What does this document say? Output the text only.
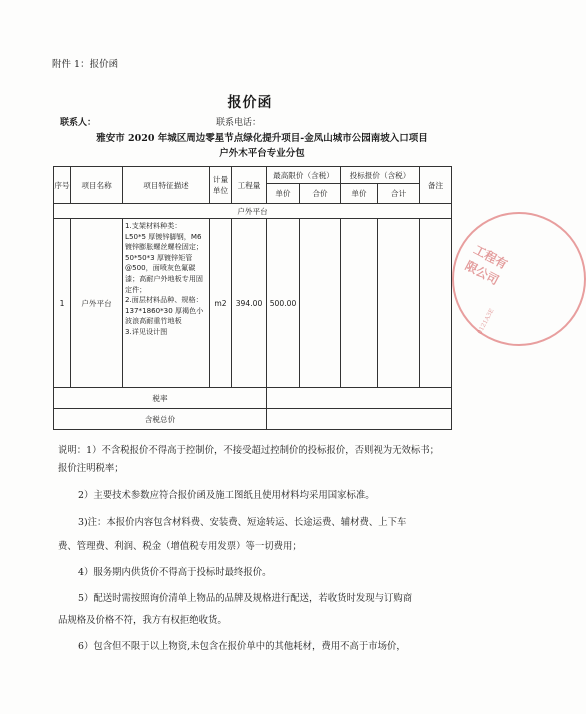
附件 1：报价函
报价函
联系人：	联系电话：
雅安市 2020 年城区周边零星节点绿化提升项目-金凤山城市公园南坡入口项目
户外木平台专业分包
序号	项目名称	项目特征描述	计量单位	工程量	最高限价（含税）		投标报价（含税）		备注
					单价	合价	单价	合计	
户外平台									
1	户外平台	1.支架材料种类：
L50*5 厚镀锌脚钢，M6 镀锌膨胀螺丝螺栓固定；50*50*3 厚镀锌矩管@500，面喷灰色氟碳漆；高耐户外地板专用固定件；
2.面层材料品种、规格：137*1860*30 厚褐色小波浪高耐重竹地板
3.详见设计图	m2	394.00	500.00				
税率									
含税总价									
工程有限公司
0121A3E
说明：1）不含税报价不得高于控制价，不接受超过控制价的投标报价，否则视为无效标书；
报价注明税率；
2）主要技术参数应符合报价函及施工图纸且使用材料均采用国家标准。
3)注：本报价内容包含材料费、安装费、短途转运、长途运费、辅材费、上下车
费、管理费、利润、税金（增值税专用发票）等一切费用；
4）服务期内供货价不得高于投标时最终报价。
5）配送时需按照询价清单上物品的品牌及规格进行配送，若收货时发现与订购商
品规格及价格不符，我方有权拒绝收货。
6）包含但不限于以上物资,未包含在报价单中的其他耗材，费用不高于市场价，
